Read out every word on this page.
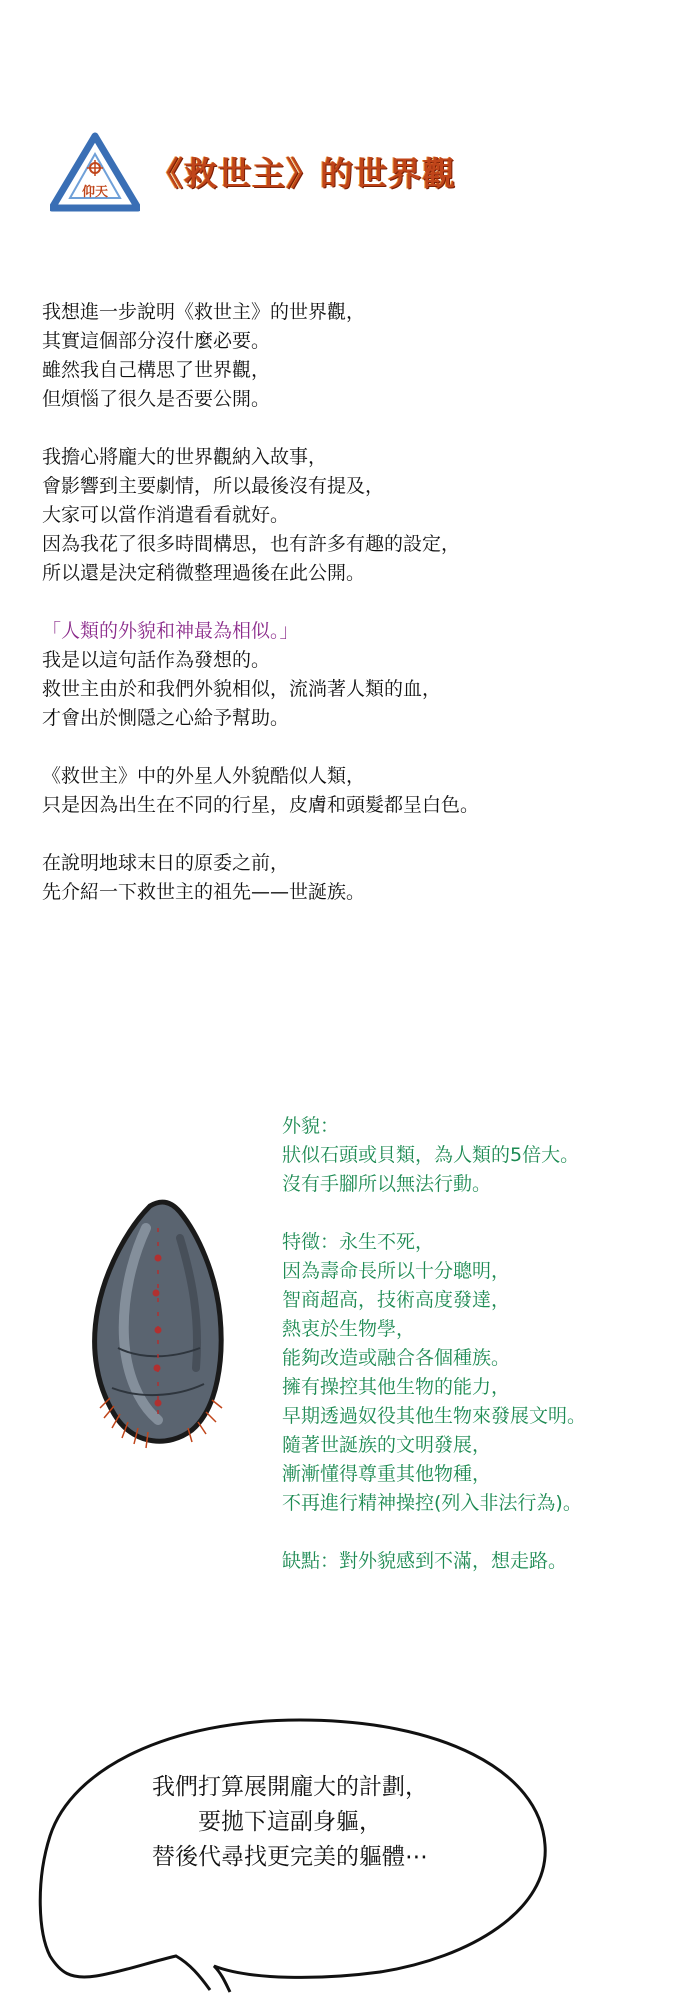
仰天 《救世主》的世界觀
我想進一步說明《救世主》的世界觀，
其實這個部分沒什麼必要。
雖然我自己構思了世界觀，
但煩惱了很久是否要公開。
我擔心將龐大的世界觀納入故事，
會影響到主要劇情，所以最後沒有提及，
大家可以當作消遣看看就好。
因為我花了很多時間構思，也有許多有趣的設定，
所以還是決定稍微整理過後在此公開。
「人類的外貌和神最為相似。」
我是以這句話作為發想的。
救世主由於和我們外貌相似，流淌著人類的血，
才會出於惻隱之心給予幫助。
《救世主》中的外星人外貌酷似人類，
只是因為出生在不同的行星，皮膚和頭髮都呈白色。
在說明地球末日的原委之前，
先介紹一下救世主的祖先——世誕族。
外貌：
狀似石頭或貝類，為人類的5倍大。
沒有手腳所以無法行動。
特徵：永生不死，
因為壽命長所以十分聰明，
智商超高，技術高度發達，
熱衷於生物學，
能夠改造或融合各個種族。
擁有操控其他生物的能力，
早期透過奴役其他生物來發展文明。
隨著世誕族的文明發展，
漸漸懂得尊重其他物種，
不再進行精神操控(列入非法行為)。
缺點：對外貌感到不滿，想走路。
我們打算展開龐大的計劃，
要拋下這副身軀，
替後代尋找更完美的軀體⋯
